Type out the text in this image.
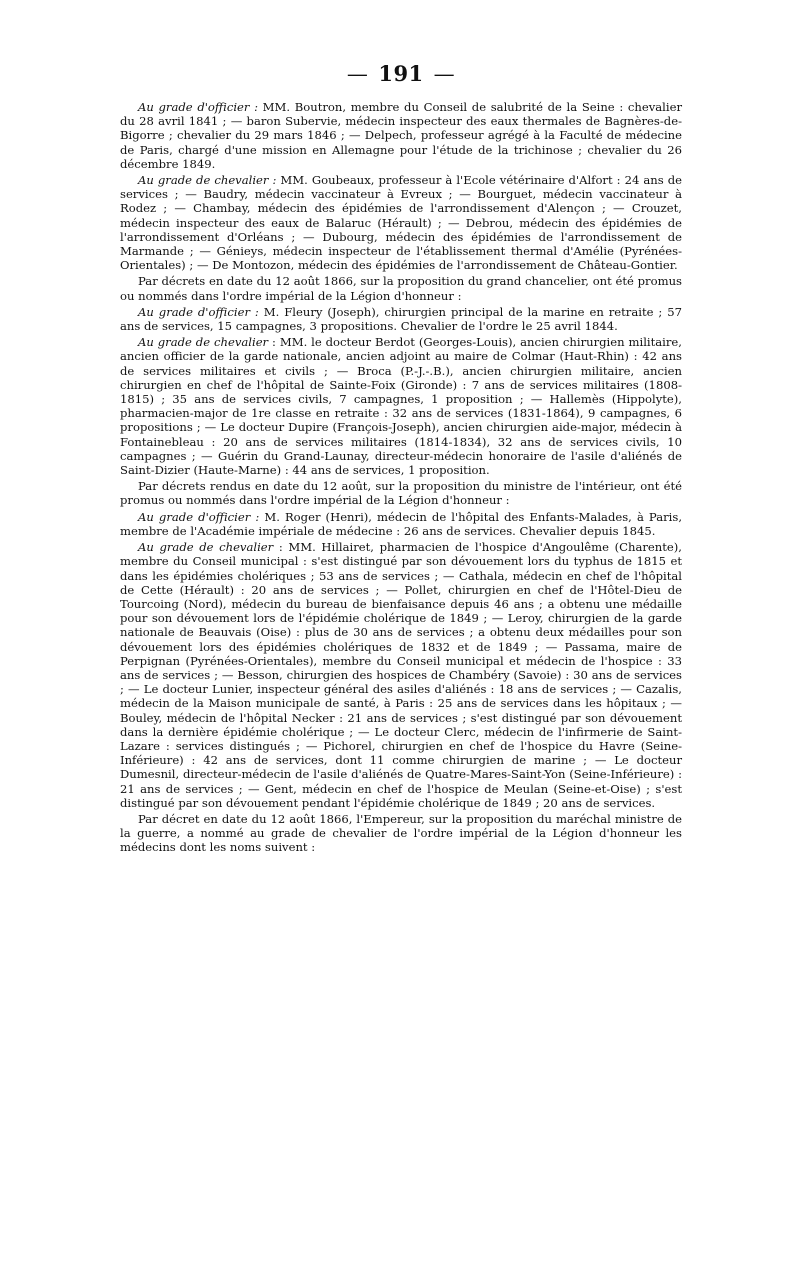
— 191 —

Au grade d'officier : MM. Boutron, membre du Conseil de salubrité de la Seine : chevalier du 28 avril 1841 ; — baron Subervie, médecin inspecteur des eaux thermales de Bagnères-de-Bigorre ; chevalier du 29 mars 1846 ; — Delpech, professeur agrégé à la Faculté de médecine de Paris, chargé d'une mission en Allemagne pour l'étude de la trichinose ; chevalier du 26 décembre 1849.

Au grade de chevalier : MM. Goubeaux, professeur à l'Ecole vétérinaire d'Alfort : 24 ans de services ; — Baudry, médecin vaccinateur à Evreux ; — Bourguet, médecin vaccinateur à Rodez ; — Chambay, médecin des épidémies de l'arrondissement d'Alençon ; — Crouzet, médecin inspecteur des eaux de Balaruc (Hérault) ; — Debrou, médecin des épidémies de l'arrondissement d'Orléans ; — Dubourg, médecin des épidémies de l'arrondissement de Marmande ; — Génieys, médecin inspecteur de l'établissement thermal d'Amélie (Pyrénées-Orientales) ; — De Montozon, médecin des épidémies de l'arrondissement de Château-Gontier.

Par décrets en date du 12 août 1866, sur la proposition du grand chancelier, ont été promus ou nommés dans l'ordre impérial de la Légion d'honneur :

Au grade d'officier : M. Fleury (Joseph), chirurgien principal de la marine en retraite ; 57 ans de services, 15 campagnes, 3 propositions. Chevalier de l'ordre le 25 avril 1844.

Au grade de chevalier : MM. le docteur Berdot (Georges-Louis), ancien chirurgien militaire, ancien officier de la garde nationale, ancien adjoint au maire de Colmar (Haut-Rhin) : 42 ans de services militaires et civils ; — Broca (P.-J.-.B.), ancien chirurgien militaire, ancien chirurgien en chef de l'hôpital de Sainte-Foix (Gironde) : 7 ans de services militaires (1808-1815) ; 35 ans de services civils, 7 campagnes, 1 proposition ; — Hallemès (Hippolyte), pharmacien-major de 1re classe en retraite : 32 ans de services (1831-1864), 9 campagnes, 6 propositions ; — Le docteur Dupire (François-Joseph), ancien chirurgien aide-major, médecin à Fontainebleau : 20 ans de services militaires (1814-1834), 32 ans de services civils, 10 campagnes ; — Guérin du Grand-Launay, directeur-médecin honoraire de l'asile d'aliénés de Saint-Dizier (Haute-Marne) : 44 ans de services, 1 proposition.

Par décrets rendus en date du 12 août, sur la proposition du ministre de l'intérieur, ont été promus ou nommés dans l'ordre impérial de la Légion d'honneur :

Au grade d'officier : M. Roger (Henri), médecin de l'hôpital des Enfants-Malades, à Paris, membre de l'Académie impériale de médecine : 26 ans de services. Chevalier depuis 1845.

Au grade de chevalier : MM. Hillairet, pharmacien de l'hospice d'Angoulême (Charente), membre du Conseil municipal : s'est distingué par son dévouement lors du typhus de 1815 et dans les épidémies cholériques ; 53 ans de services ; — Cathala, médecin en chef de l'hôpital de Cette (Hérault) : 20 ans de services ; — Pollet, chirurgien en chef de l'Hôtel-Dieu de Tourcoing (Nord), médecin du bureau de bienfaisance depuis 46 ans ; a obtenu une médaille pour son dévouement lors de l'épidémie cholérique de 1849 ; — Leroy, chirurgien de la garde nationale de Beauvais (Oise) : plus de 30 ans de services ; a obtenu deux médailles pour son dévouement lors des épidémies cholériques de 1832 et de 1849 ; — Passama, maire de Perpignan (Pyrénées-Orientales), membre du Conseil municipal et médecin de l'hospice : 33 ans de services ; — Besson, chirurgien des hospices de Chambéry (Savoie) : 30 ans de services ; — Le docteur Lunier, inspecteur général des asiles d'aliénés : 18 ans de services ; — Cazalis, médecin de la Maison municipale de santé, à Paris : 25 ans de services dans les hôpitaux ; — Bouley, médecin de l'hôpital Necker : 21 ans de services ; s'est distingué par son dévouement dans la dernière épidémie cholérique ; — Le docteur Clerc, médecin de l'infirmerie de Saint-Lazare : services distingués ; — Pichorel, chirurgien en chef de l'hospice du Havre (Seine-Inférieure) : 42 ans de services, dont 11 comme chirurgien de marine ; — Le docteur Dumesnil, directeur-médecin de l'asile d'aliénés de Quatre-Mares-Saint-Yon (Seine-Inférieure) : 21 ans de services ; — Gent, médecin en chef de l'hospice de Meulan (Seine-et-Oise) ; s'est distingué par son dévouement pendant l'épidémie cholérique de 1849 ; 20 ans de services.

Par décret en date du 12 août 1866, l'Empereur, sur la proposition du maréchal ministre de la guerre, a nommé au grade de chevalier de l'ordre impérial de la Légion d'honneur les médecins dont les noms suivent :
